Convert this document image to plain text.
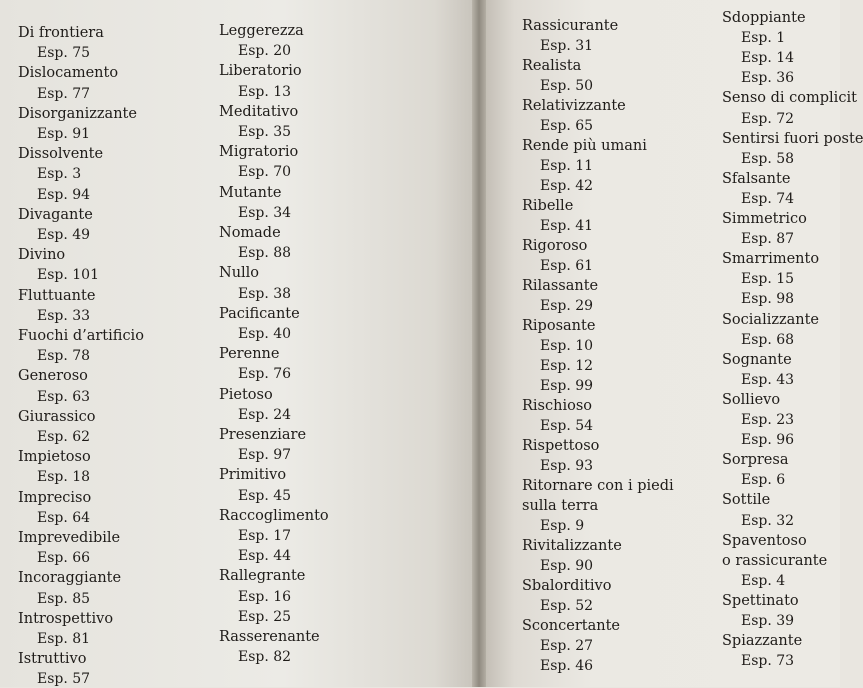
Di frontiera
Esp. 75
Dislocamento
Esp. 77
Disorganizzante
Esp. 91
Dissolvente
Esp. 3
Esp. 94
Divagante
Esp. 49
Divino
Esp. 101
Fluttuante
Esp. 33
Fuochi d’artificio
Esp. 78
Generoso
Esp. 63
Giurassico
Esp. 62
Impietoso
Esp. 18
Impreciso
Esp. 64
Imprevedibile
Esp. 66
Incoraggiante
Esp. 85
Introspettivo
Esp. 81
Istruttivo
Esp. 57
Leggerezza
Esp. 20
Liberatorio
Esp. 13
Meditativo
Esp. 35
Migratorio
Esp. 70
Mutante
Esp. 34
Nomade
Esp. 88
Nullo
Esp. 38
Pacificante
Esp. 40
Perenne
Esp. 76
Pietoso
Esp. 24
Presenziare
Esp. 97
Primitivo
Esp. 45
Raccoglimento
Esp. 17
Esp. 44
Rallegrante
Esp. 16
Esp. 25
Rasserenante
Esp. 82
Rassicurante
Esp. 31
Realista
Esp. 50
Relativizzante
Esp. 65
Rende più umani
Esp. 11
Esp. 42
Ribelle
Esp. 41
Rigoroso
Esp. 61
Rilassante
Esp. 29
Riposante
Esp. 10
Esp. 12
Esp. 99
Rischioso
Esp. 54
Rispettoso
Esp. 93
Ritornare con i piedi
sulla terra
Esp. 9
Rivitalizzante
Esp. 90
Sbalorditivo
Esp. 52
Sconcertante
Esp. 27
Esp. 46
Sdoppiante
Esp. 1
Esp. 14
Esp. 36
Senso di complicit
Esp. 72
Sentirsi fuori poste
Esp. 58
Sfalsante
Esp. 74
Simmetrico
Esp. 87
Smarrimento
Esp. 15
Esp. 98
Socializzante
Esp. 68
Sognante
Esp. 43
Sollievo
Esp. 23
Esp. 96
Sorpresa
Esp. 6
Sottile
Esp. 32
Spaventoso
o rassicurante
Esp. 4
Spettinato
Esp. 39
Spiazzante
Esp. 73
